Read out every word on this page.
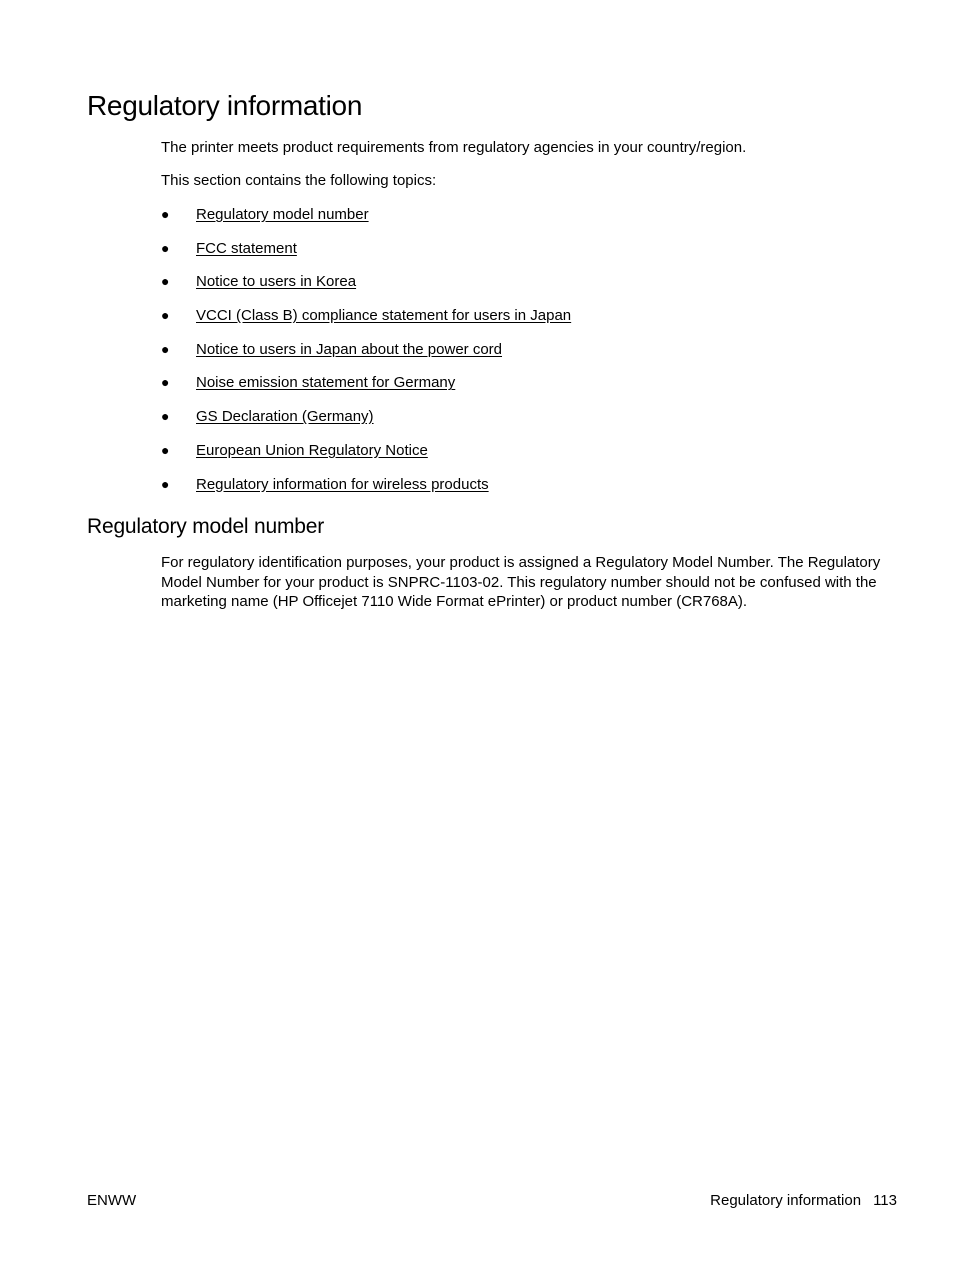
Regulatory information

The printer meets product requirements from regulatory agencies in your country/region.

This section contains the following topics:

●	Regulatory model number
●	FCC statement
●	Notice to users in Korea
●	VCCI (Class B) compliance statement for users in Japan
●	Notice to users in Japan about the power cord
●	Noise emission statement for Germany
●	GS Declaration (Germany)
●	European Union Regulatory Notice
●	Regulatory information for wireless products
Regulatory model number

For regulatory identification purposes, your product is assigned a Regulatory Model Number. The Regulatory Model Number for your product is SNPRC-1103-02. This regulatory number should not be confused with the marketing name (HP Officejet 7110 Wide Format ePrinter) or product number (CR768A).

ENWW	Regulatory information 113
